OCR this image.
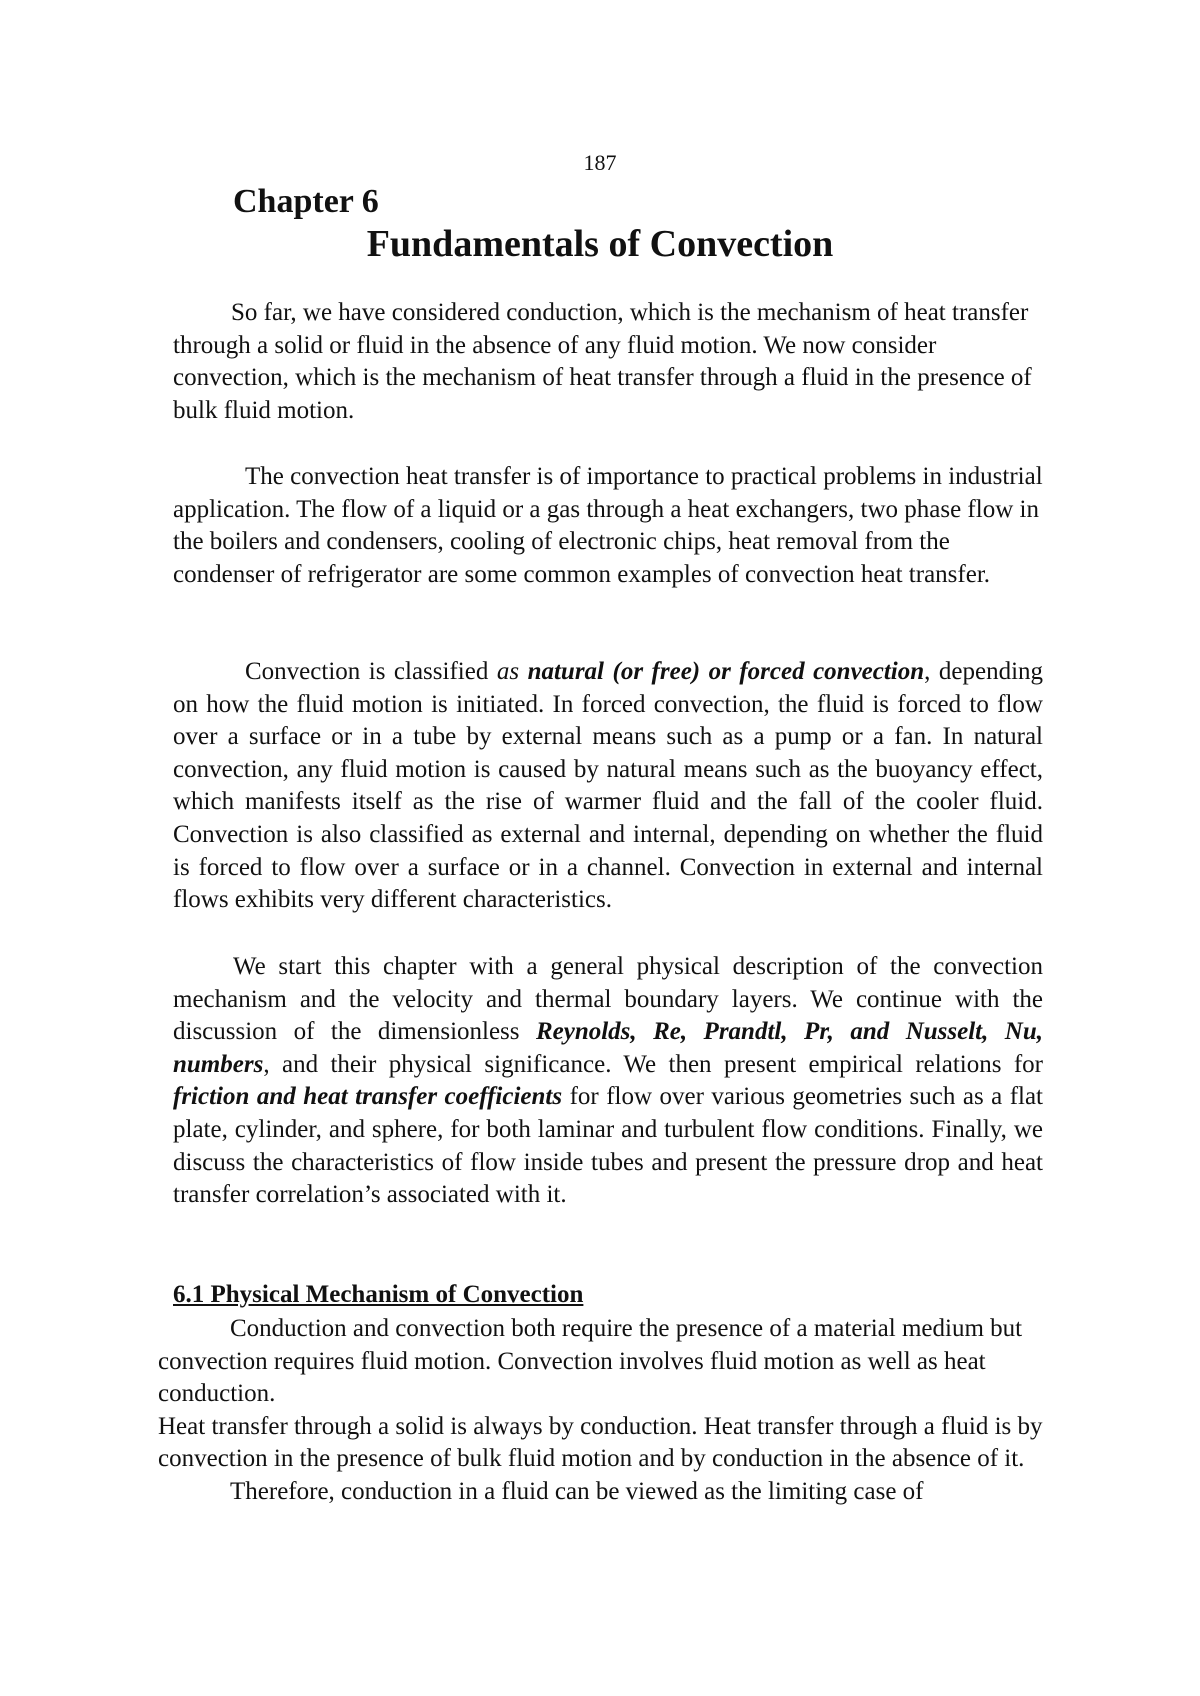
187
Chapter 6
Fundamentals of Convection

So far, we have considered conduction, which is the mechanism of heat transfer through a solid or fluid in the absence of any fluid motion. We now consider convection, which is the mechanism of heat transfer through a fluid in the presence of bulk fluid motion.

The convection heat transfer is of importance to practical problems in industrial application. The flow of a liquid or a gas through a heat exchangers, two phase flow in the boilers and condensers, cooling of electronic chips, heat removal from the condenser of refrigerator are some common examples of convection heat transfer.

Convection is classified as natural (or free) or forced convection, depending on how the fluid motion is initiated. In forced convection, the fluid is forced to flow over a surface or in a tube by external means such as a pump or a fan. In natural convection, any fluid motion is caused by natural means such as the buoyancy effect, which manifests itself as the rise of warmer fluid and the fall of the cooler fluid. Convection is also classified as external and internal, depending on whether the fluid is forced to flow over a surface or in a channel. Convection in external and internal flows exhibits very different characteristics.

We start this chapter with a general physical description of the convection mechanism and the velocity and thermal boundary layers. We continue with the discussion of the dimensionless Reynolds, Re, Prandtl, Pr, and Nusselt, Nu, numbers, and their physical significance. We then present empirical relations for friction and heat transfer coefficients for flow over various geometries such as a flat plate, cylinder, and sphere, for both laminar and turbulent flow conditions. Finally, we discuss the characteristics of flow inside tubes and present the pressure drop and heat transfer correlation’s associated with it.

6.1 Physical Mechanism of Convection

Conduction and convection both require the presence of a material medium but convection requires fluid motion. Convection involves fluid motion as well as heat conduction.

Heat transfer through a solid is always by conduction. Heat transfer through a fluid is by convection in the presence of bulk fluid motion and by conduction in the absence of it.

Therefore, conduction in a fluid can be viewed as the limiting case of
